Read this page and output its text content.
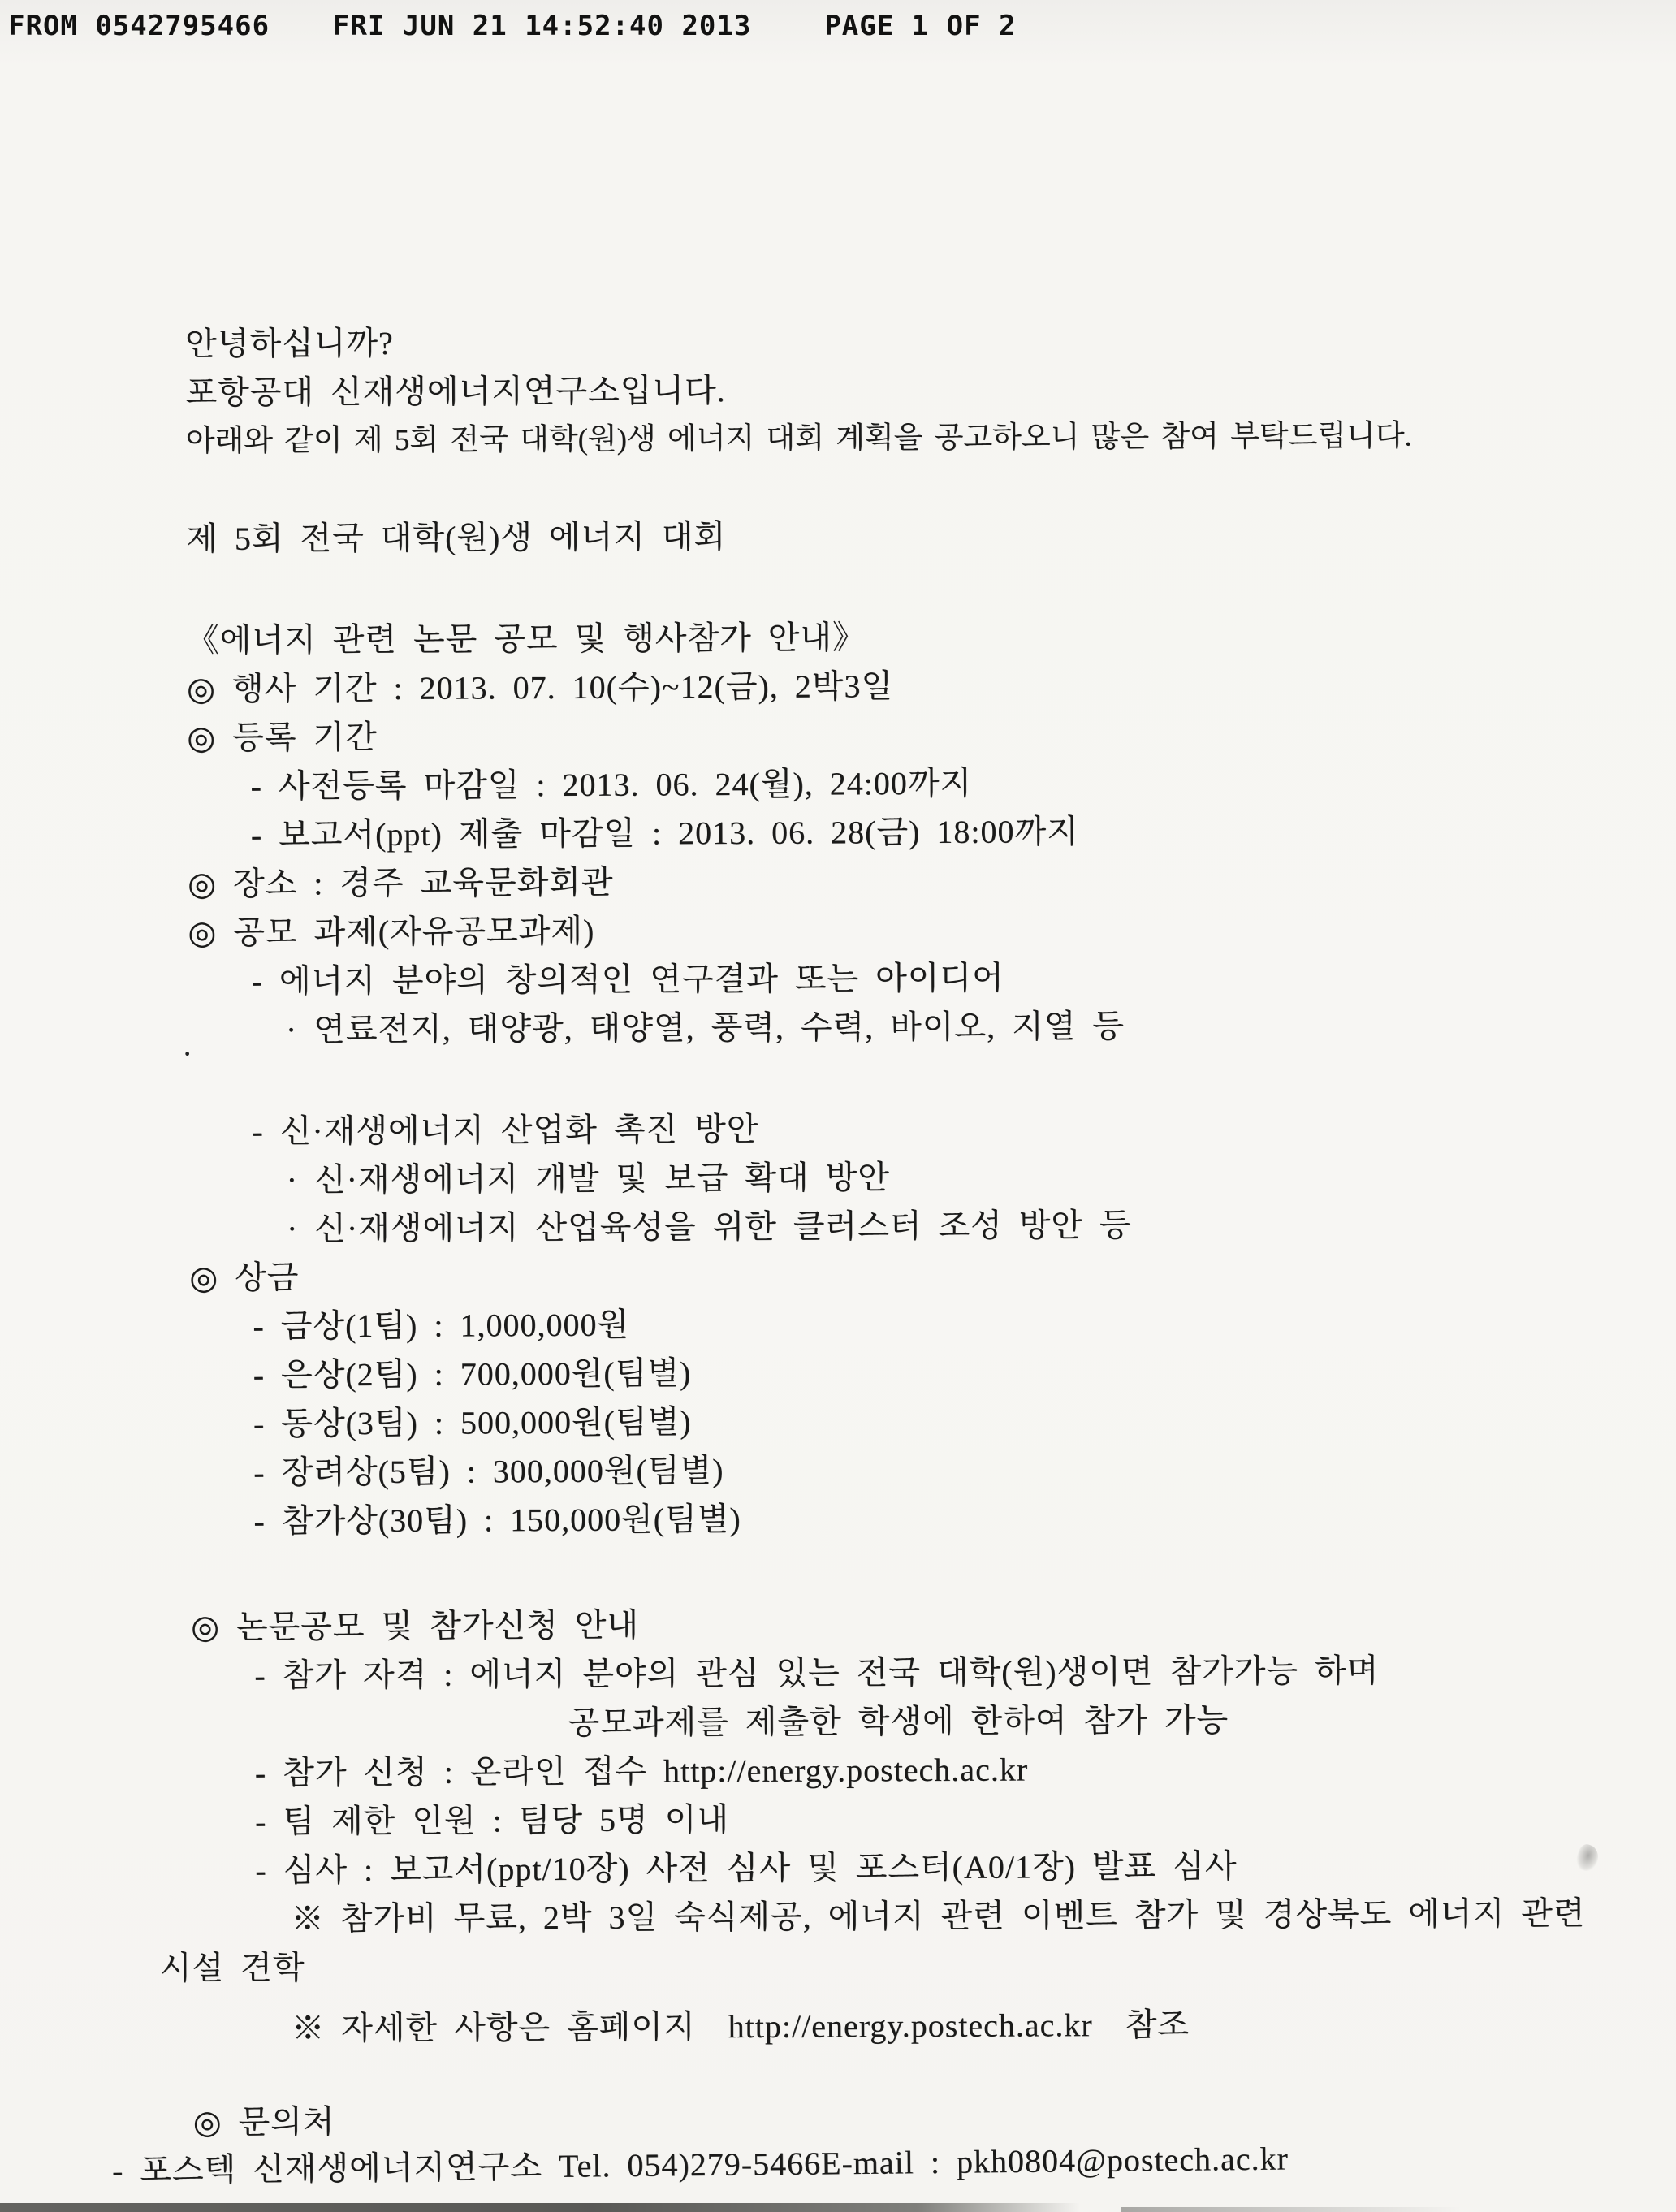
FROM 0542795466 FRI JUN 21 14:52:40 2013	PAGE 1 OF 2
안녕하십니까?
포항공대 신재생에너지연구소입니다.
아래와 같이 제 5회 전국 대학(원)생 에너지 대회 계획을 공고하오니 많은 참여 부탁드립니다.
제 5회 전국 대학(원)생 에너지 대회
《에너지 관련 논문 공모 및 행사참가 안내》
◎ 행사 기간 : 2013. 07. 10(수)~12(금), 2박3일
◎ 등록 기간
- 사전등록 마감일 : 2013. 06. 24(월), 24:00까지
- 보고서(ppt) 제출 마감일 : 2013. 06. 28(금) 18:00까지
◎ 장소 : 경주 교육문화회관
◎ 공모 과제(자유공모과제)
- 에너지 분야의 창의적인 연구결과 또는 아이디어
· 연료전지, 태양광, 태양열, 풍력, 수력, 바이오, 지열 등
- 신·재생에너지 산업화 촉진 방안
· 신·재생에너지 개발 및 보급 확대 방안
· 신·재생에너지 산업육성을 위한 클러스터 조성 방안 등
◎ 상금
- 금상(1팀) : 1,000,000원
- 은상(2팀) : 700,000원(팀별)
- 동상(3팀) : 500,000원(팀별)
- 장려상(5팀) : 300,000원(팀별)
- 참가상(30팀) : 150,000원(팀별)
◎ 논문공모 및 참가신청 안내
- 참가 자격 : 에너지 분야의 관심 있는 전국 대학(원)생이면 참가가능 하며
공모과제를 제출한 학생에 한하여 참가 가능
- 참가 신청 : 온라인 접수 http://energy.postech.ac.kr
- 팀 제한 인원 : 팀당 5명 이내
- 심사 : 보고서(ppt/10장) 사전 심사 및 포스터(A0/1장) 발표 심사
※ 참가비 무료, 2박 3일 숙식제공, 에너지 관련 이벤트 참가 및 경상북도 에너지 관련
시설 견학
※ 자세한 사항은 홈페이지  http://energy.postech.ac.kr  참조
◎ 문의처
- 포스텍 신재생에너지연구소 Tel. 054)279-5466E-mail : pkh0804@postech.ac.kr
·
